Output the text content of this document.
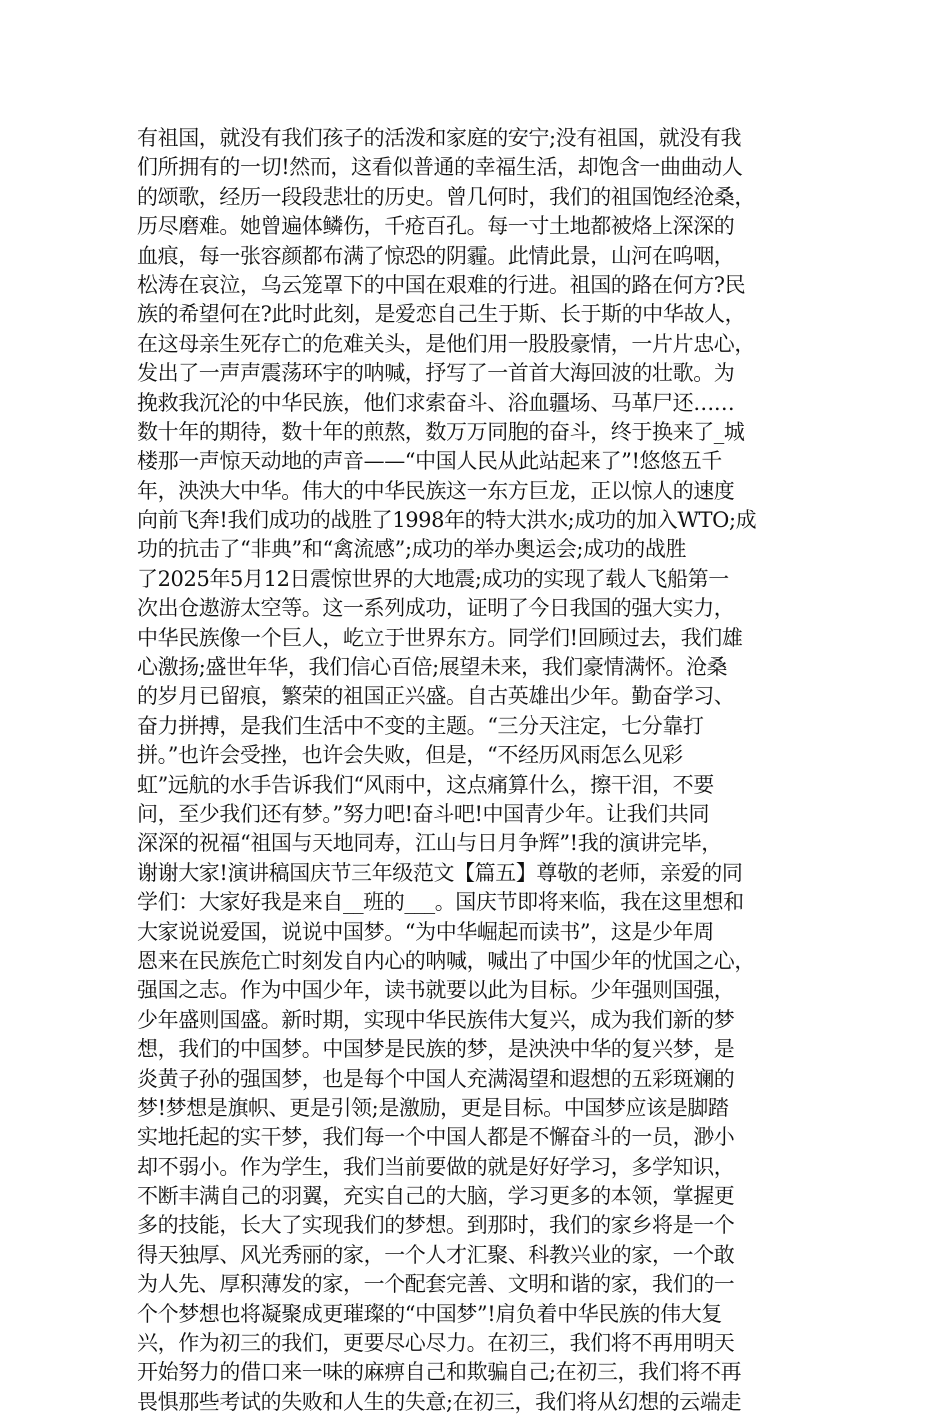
有祖国，就没有我们孩子的活泼和家庭的安宁;没有祖国，就没有我
们所拥有的一切!然而，这看似普通的幸福生活，却饱含一曲曲动人
的颂歌，经历一段段悲壮的历史。曾几何时，我们的祖国饱经沧桑，
历尽磨难。她曾遍体鳞伤，千疮百孔。每一寸土地都被烙上深深的
血痕，每一张容颜都布满了惊恐的阴霾。此情此景，山河在呜咽，
松涛在哀泣，乌云笼罩下的中国在艰难的行进。祖国的路在何方?民
族的希望何在?此时此刻，是爱恋自己生于斯、长于斯的中华故人，
在这母亲生死存亡的危难关头，是他们用一股股豪情，一片片忠心，
发出了一声声震荡环宇的呐喊，抒写了一首首大海回波的壮歌。为
挽救我沉沦的中华民族，他们求索奋斗、浴血疆场、马革尸还……
数十年的期待，数十年的煎熬，数万万同胞的奋斗，终于换来了_城
楼那一声惊天动地的声音——“中国人民从此站起来了”!悠悠五千
年，泱泱大中华。伟大的中华民族这一东方巨龙，正以惊人的速度
向前飞奔!我们成功的战胜了1998年的特大洪水;成功的加入WTO;成
功的抗击了“非典”和“禽流感”;成功的举办奥运会;成功的战胜
了2025年5月12日震惊世界的大地震;成功的实现了载人飞船第一
次出仓遨游太空等。这一系列成功，证明了今日我国的强大实力，
中华民族像一个巨人，屹立于世界东方。同学们!回顾过去，我们雄
心激扬;盛世年华，我们信心百倍;展望未来，我们豪情满怀。沧桑
的岁月已留痕，繁荣的祖国正兴盛。自古英雄出少年。勤奋学习、
奋力拼搏，是我们生活中不变的主题。“三分天注定，七分靠打
拼。”也许会受挫，也许会失败，但是，“不经历风雨怎么见彩
虹”远航的水手告诉我们“风雨中，这点痛算什么，擦干泪，不要
问，至少我们还有梦。”努力吧!奋斗吧!中国青少年。让我们共同
深深的祝福“祖国与天地同寿，江山与日月争辉”!我的演讲完毕，
谢谢大家!演讲稿国庆节三年级范文【篇五】尊敬的老师，亲爱的同
学们：大家好我是来自__班的___。国庆节即将来临，我在这里想和
大家说说爱国，说说中国梦。“为中华崛起而读书”，这是少年周
恩来在民族危亡时刻发自内心的呐喊，喊出了中国少年的忧国之心，
强国之志。作为中国少年，读书就要以此为目标。少年强则国强，
少年盛则国盛。新时期，实现中华民族伟大复兴，成为我们新的梦
想，我们的中国梦。中国梦是民族的梦，是泱泱中华的复兴梦，是
炎黄子孙的强国梦，也是每个中国人充满渴望和遐想的五彩斑斓的
梦!梦想是旗帜、更是引领;是激励，更是目标。中国梦应该是脚踏
实地托起的实干梦，我们每一个中国人都是不懈奋斗的一员，渺小
却不弱小。作为学生，我们当前要做的就是好好学习，多学知识，
不断丰满自己的羽翼，充实自己的大脑，学习更多的本领，掌握更
多的技能，长大了实现我们的梦想。到那时，我们的家乡将是一个
得天独厚、风光秀丽的家，一个人才汇聚、科教兴业的家，一个敢
为人先、厚积薄发的家，一个配套完善、文明和谐的家，我们的一
个个梦想也将凝聚成更璀璨的“中国梦”!肩负着中华民族的伟大复
兴，作为初三的我们，更要尽心尽力。在初三，我们将不再用明天
开始努力的借口来一味的麻痹自己和欺骗自己;在初三，我们将不再
畏惧那些考试的失败和人生的失意;在初三，我们将从幻想的云端走
